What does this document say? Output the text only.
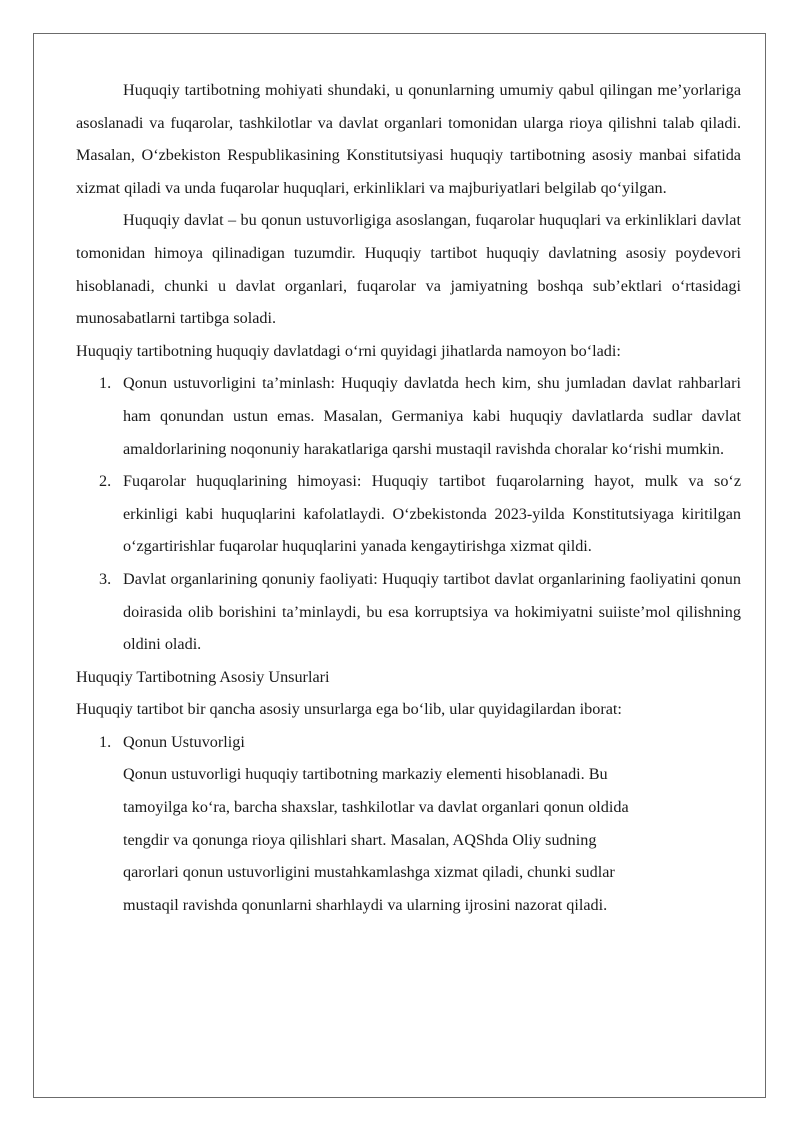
Huquqiy tartibotning mohiyati shundaki, u qonunlarning umumiy qabul qilingan me’yorlariga asoslanadi va fuqarolar, tashkilotlar va davlat organlari tomonidan ularga rioya qilishni talab qiladi. Masalan, O‘zbekiston Respublikasining Konstitutsiyasi huquqiy tartibotning asosiy manbai sifatida xizmat qiladi va unda fuqarolar huquqlari, erkinliklari va majburiyatlari belgilab qo‘yilgan.

Huquqiy davlat – bu qonun ustuvorligiga asoslangan, fuqarolar huquqlari va erkinliklari davlat tomonidan himoya qilinadigan tuzumdir. Huquqiy tartibot huquqiy davlatning asosiy poydevori hisoblanadi, chunki u davlat organlari, fuqarolar va jamiyatning boshqa sub’ektlari o‘rtasidagi munosabatlarni tartibga soladi.

Huquqiy tartibotning huquqiy davlatdagi o‘rni quyidagi jihatlarda namoyon bo‘ladi:

1. Qonun ustuvorligini ta’minlash: Huquqiy davlatda hech kim, shu jumladan davlat rahbarlari ham qonundan ustun emas. Masalan, Germaniya kabi huquqiy davlatlarda sudlar davlat amaldorlarining noqonuniy harakatlariga qarshi mustaqil ravishda choralar ko‘rishi mumkin.
2. Fuqarolar huquqlarining himoyasi: Huquqiy tartibot fuqarolarning hayot, mulk va so‘z erkinligi kabi huquqlarini kafolatlaydi. O‘zbekistonda 2023-yilda Konstitutsiyaga kiritilgan o‘zgartirishlar fuqarolar huquqlarini yanada kengaytirishga xizmat qildi.
3. Davlat organlarining qonuniy faoliyati: Huquqiy tartibot davlat organlarining faoliyatini qonun doirasida olib borishini ta’minlaydi, bu esa korruptsiya va hokimiyatni suiiste’mol qilishning oldini oladi.

Huquqiy Tartibotning Asosiy Unsurlari

Huquqiy tartibot bir qancha asosiy unsurlarga ega bo‘lib, ular quyidagilardan iborat:

1. Qonun Ustuvorligi
Qonun ustuvorligi huquqiy tartibotning markaziy elementi hisoblanadi. Bu
tamoyilga ko‘ra, barcha shaxslar, tashkilotlar va davlat organlari qonun oldida
tengdir va qonunga rioya qilishlari shart. Masalan, AQShda Oliy sudning
qarorlari qonun ustuvorligini mustahkamlashga xizmat qiladi, chunki sudlar
mustaqil ravishda qonunlarni sharhlaydi va ularning ijrosini nazorat qiladi.
